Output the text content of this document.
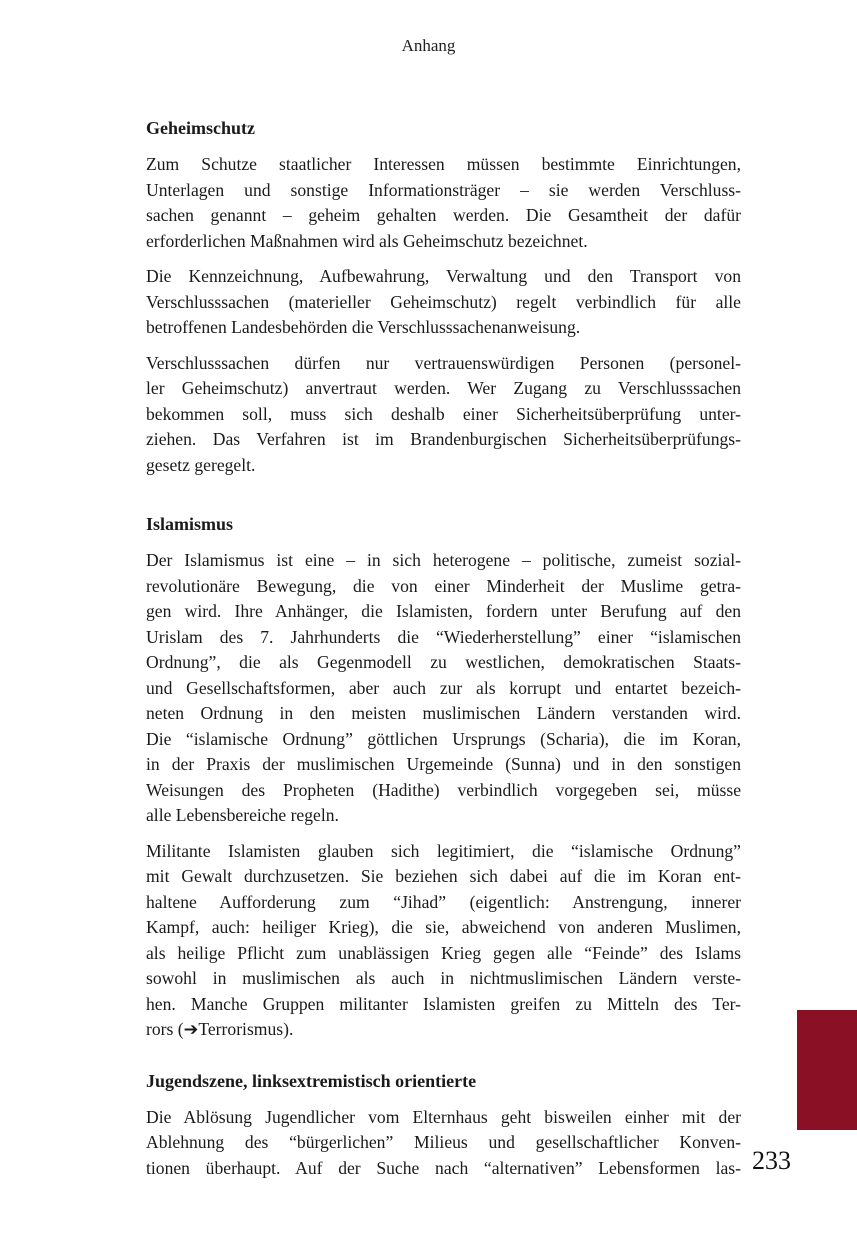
Anhang
Geheimschutz

Zum Schutze staatlicher Interessen müssen bestimmte Einrichtungen,
Unterlagen und sonstige Informationsträger – sie werden Verschluss-
sachen genannt – geheim gehalten werden. Die Gesamtheit der dafür
erforderlichen Maßnahmen wird als Geheimschutz bezeichnet.

Die Kennzeichnung, Aufbewahrung, Verwaltung und den Transport von
Verschlusssachen (materieller Geheimschutz) regelt verbindlich für alle
betroffenen Landesbehörden die Verschlusssachenanweisung.

Verschlusssachen dürfen nur vertrauenswürdigen Personen (personel-
ler Geheimschutz) anvertraut werden. Wer Zugang zu Verschlusssachen
bekommen soll, muss sich deshalb einer Sicherheitsüberprüfung unter-
ziehen. Das Verfahren ist im Brandenburgischen Sicherheitsüberprüfungs-
gesetz geregelt.

Islamismus

Der Islamismus ist eine – in sich heterogene – politische, zumeist sozial-
revolutionäre Bewegung, die von einer Minderheit der Muslime getra-
gen wird. Ihre Anhänger, die Islamisten, fordern unter Berufung auf den
Urislam des 7. Jahrhunderts die “Wiederherstellung” einer “islamischen
Ordnung”, die als Gegenmodell zu westlichen, demokratischen Staats-
und Gesellschaftsformen, aber auch zur als korrupt und entartet bezeich-
neten Ordnung in den meisten muslimischen Ländern verstanden wird.
Die “islamische Ordnung” göttlichen Ursprungs (Scharia), die im Koran,
in der Praxis der muslimischen Urgemeinde (Sunna) und in den sonstigen
Weisungen des Propheten (Hadithe) verbindlich vorgegeben sei, müsse
alle Lebensbereiche regeln.

Militante Islamisten glauben sich legitimiert, die “islamische Ordnung”
mit Gewalt durchzusetzen. Sie beziehen sich dabei auf die im Koran ent-
haltene Aufforderung zum “Jihad” (eigentlich: Anstrengung, innerer
Kampf, auch: heiliger Krieg), die sie, abweichend von anderen Muslimen,
als heilige Pflicht zum unablässigen Krieg gegen alle “Feinde” des Islams
sowohl in muslimischen als auch in nichtmuslimischen Ländern verste-
hen. Manche Gruppen militanter Islamisten greifen zu Mitteln des Ter-
rors (➔Terrorismus).

Jugendszene, linksextremistisch orientierte

Die Ablösung Jugendlicher vom Elternhaus geht bisweilen einher mit der
Ablehnung des “bürgerlichen” Milieus und gesellschaftlicher Konven-
tionen überhaupt. Auf der Suche nach “alternativen” Lebensformen las- 233
